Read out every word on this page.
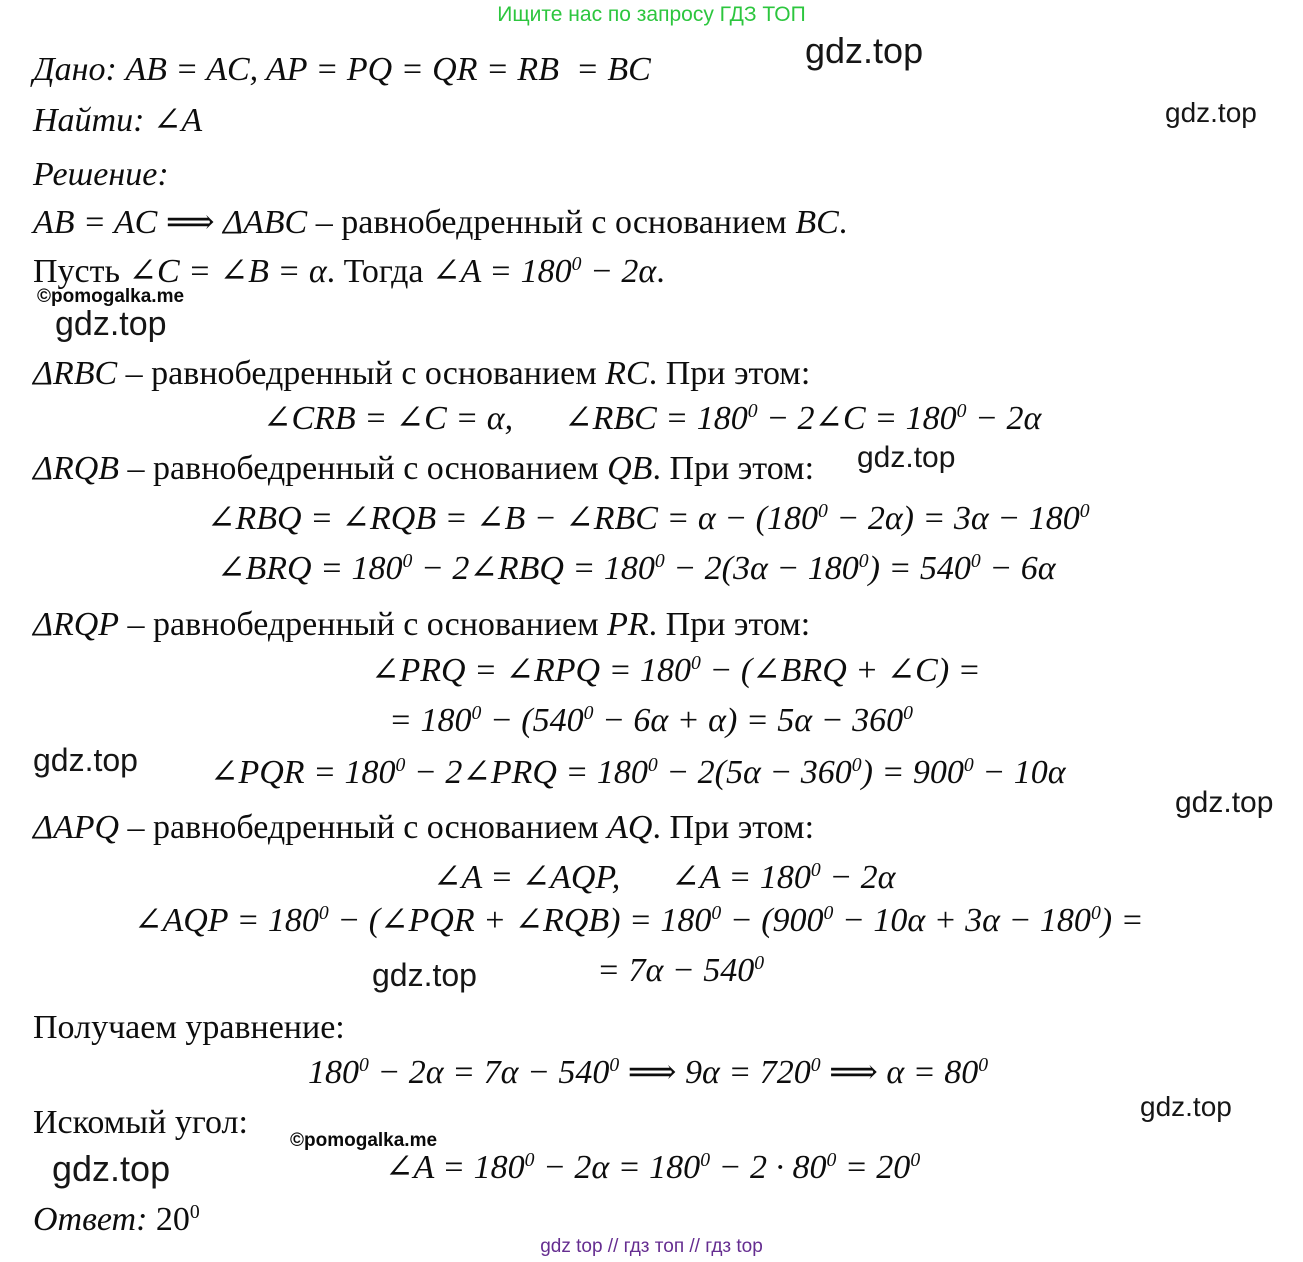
Ищите нас по запросу ГДЗ ТОП
gdz.top
gdz.top
Дано: AB = AC, AP = PQ = QR = RB  = BC
Найти: ∠A
Решение:
AB = AC ⟹ ΔABC – равнобедренный с основанием BC.
Пусть ∠C = ∠B = α. Тогда ∠A = $180^0 - 2\alpha$.
©pomogalka.me
gdz.top
ΔRBC – равнобедренный с основанием RC. При этом:
∠CRB = ∠C = α,  ∠RBC = $180^0$ − 2∠C = $180^0 - 2\alpha$
ΔRQB – равнобедренный с основанием QB. При этом: gdz.top
∠RBQ = ∠RQB = ∠B − ∠RBC = $\alpha - (180^0 - 2\alpha) = 3\alpha - 180^0$
∠BRQ = $180^0$ − 2∠RBQ = $180^0 - 2(3\alpha - 180^0) = 540^0 - 6\alpha$
ΔRQP – равнобедренный с основанием PR. При этом:
∠PRQ = ∠RPQ = $180^0$ − (∠BRQ + ∠C) =
= $180^0 - (540^0 - 6\alpha + \alpha) = 5\alpha - 360^0$
gdz.top ∠PQR = $180^0$ − 2∠PRQ = $180^0 - 2(5\alpha - 360^0) = 900^0 - 10\alpha$
gdz.top
ΔAPQ – равнобедренный с основанием AQ. При этом:
∠A = ∠AQP,  ∠A = $180^0 - 2\alpha$
∠AQP = $180^0$ − (∠PQR + ∠RQB) = $180^0 - (900^0 - 10\alpha + 3\alpha - 180^0)$ =
gdz.top	= $7\alpha - 540^0$
Получаем уравнение:
$180^0 - 2\alpha = 7\alpha - 540^0$ ⟹ $9\alpha = 720^0$ ⟹ $\alpha = 80^0$
Искомый угол:	gdz.top
©pomogalka.me
gdz.top	∠A = $180^0 - 2\alpha = 180^0 - 2 \cdot 80^0 = 20^0$
Ответ: $20^0$
gdz top // гдз топ // гдз top
